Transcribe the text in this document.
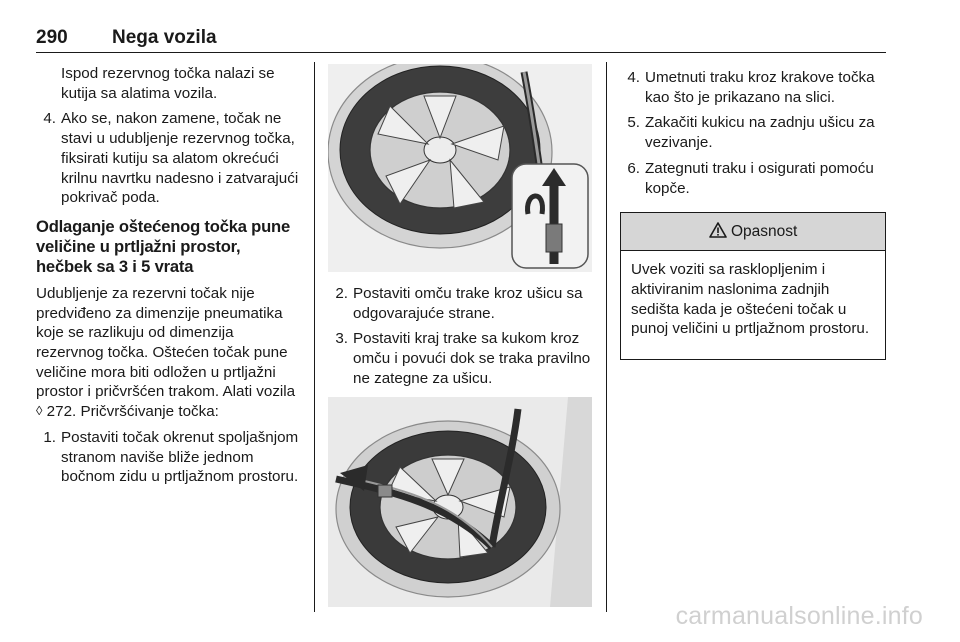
290 Nega vozila

Ispod rezervnog točka nalazi se kutija sa alatima vozila.

4. Ako se, nakon zamene, točak ne stavi u udubljenje rezervnog točka, fiksirati kutiju sa alatom okrećući krilnu navrtku nadesno i zatvarajući pokrivač poda.
Odlaganje oštećenog točka pune veličine u prtljažni prostor, hečbek sa 3 i 5 vrata

Udubljenje za rezervni točak nije predviđeno za dimenzije pneumatika koje se razlikuju od dimenzija rezervnog točka. Oštećen točak pune veličine mora biti odložen u prtljažni prostor i pričvršćen trakom. Alati vozila ◊ 272. Pričvršćivanje točka:

1. Postaviti točak okrenut spoljašnjom stranom naviše bliže jednom bočnom zidu u prtljažnom prostoru.
2. Postaviti omču trake kroz ušicu sa odgovarajuće strane.
3. Postaviti kraj trake sa kukom kroz omču i povući dok se traka pravilno ne zategne za ušicu.
4. Umetnuti traku kroz krakove točka kao što je prikazano na slici.
5. Zakačiti kukicu na zadnju ušicu za vezivanje.
6. Zategnuti traku i osigurati pomoću kopče.
Opasnost
Uvek voziti sa rasklopljenim i aktiviranim naslonima zadnjih sedišta kada je oštećeni točak u punoj veličini u prtljažnom prostoru.
carmanualsonline.info
